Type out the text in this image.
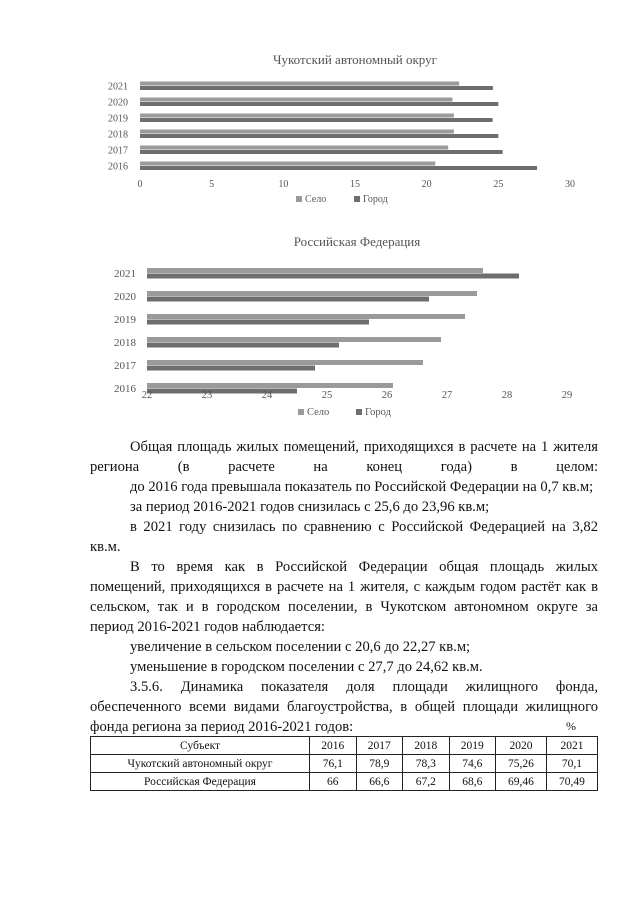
Чукотский автономный округ
2016
2017
2018
2019
2020
2021
0	5	10	15	20	25	30
Село	Город
Российская Федерация
2016
2017
2018
2019
2020
2021
22	23	24	25	26	27	28	29
Село	Город

Общая площадь жилых помещений, приходящихся в расчете на 1 жителя региона (в расчете на конец года) в целом:

до 2016 года превышала показатель по Российской Федерации на 0,7 кв.м;

за период 2016-2021 годов снизилась с 25,6 до 23,96 кв.м;

в 2021 году снизилась по сравнению с Российской Федерацией на 3,82 кв.м.

В то время как в Российской Федерации общая площадь жилых помещений, приходящихся в расчете на 1 жителя, с каждым годом растёт как в сельском, так и в городском поселении, в Чукотском автономном округе за период 2016-2021 годов наблюдается:

увеличение в сельском поселении с 20,6 до 22,27 кв.м;

уменьшение в городском поселении с 27,7 до 24,62 кв.м.

3.5.6. Динамика показателя доля площади жилищного фонда, обеспеченного всеми видами благоустройства, в общей площади жилищного фонда региона за период 2016-2021 годов:	%
Субъект	2016	2017	2018	2019	2020	2021
Чукотский автономный округ	76,1	78,9	78,3	74,6	75,26	70,1
Российская Федерация	66	66,6	67,2	68,6	69,46	70,49
